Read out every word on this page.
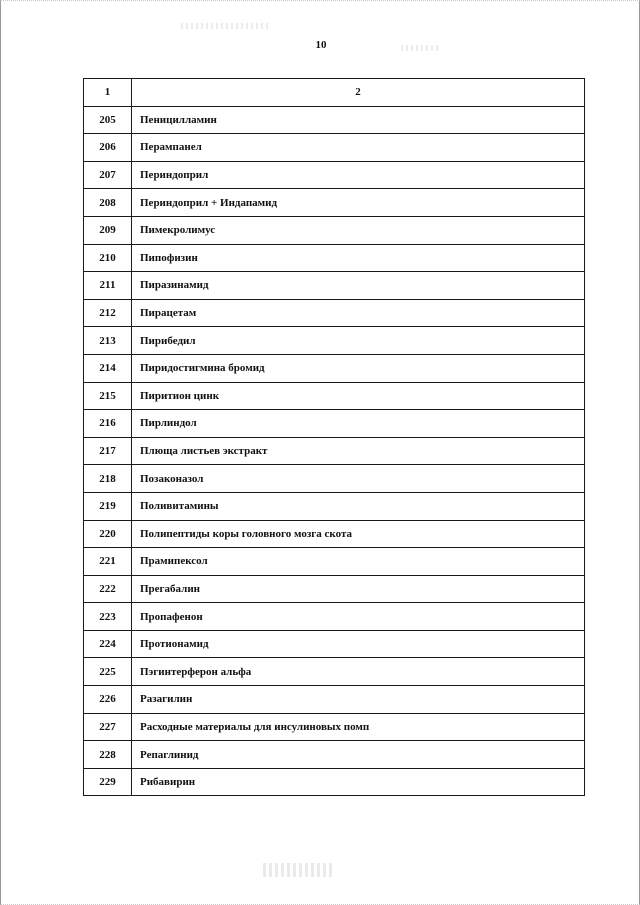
10
1	2
205	Пеницилламин
206	Перампанел
207	Периндоприл
208	Периндоприл + Индапамид
209	Пимекролимус
210	Пипофизин
211	Пиразинамид
212	Пирацетам
213	Пирибедил
214	Пиридостигмина бромид
215	Пиритион цинк
216	Пирлиндол
217	Плюща листьев экстракт
218	Позаконазол
219	Поливитамины
220	Полипептиды коры головного мозга скота
221	Прамипексол
222	Прегабалин
223	Пропафенон
224	Протионамид
225	Пэгинтерферон альфа
226	Разагилин
227	Расходные материалы для инсулиновых помп
228	Репаглинид
229	Рибавирин
